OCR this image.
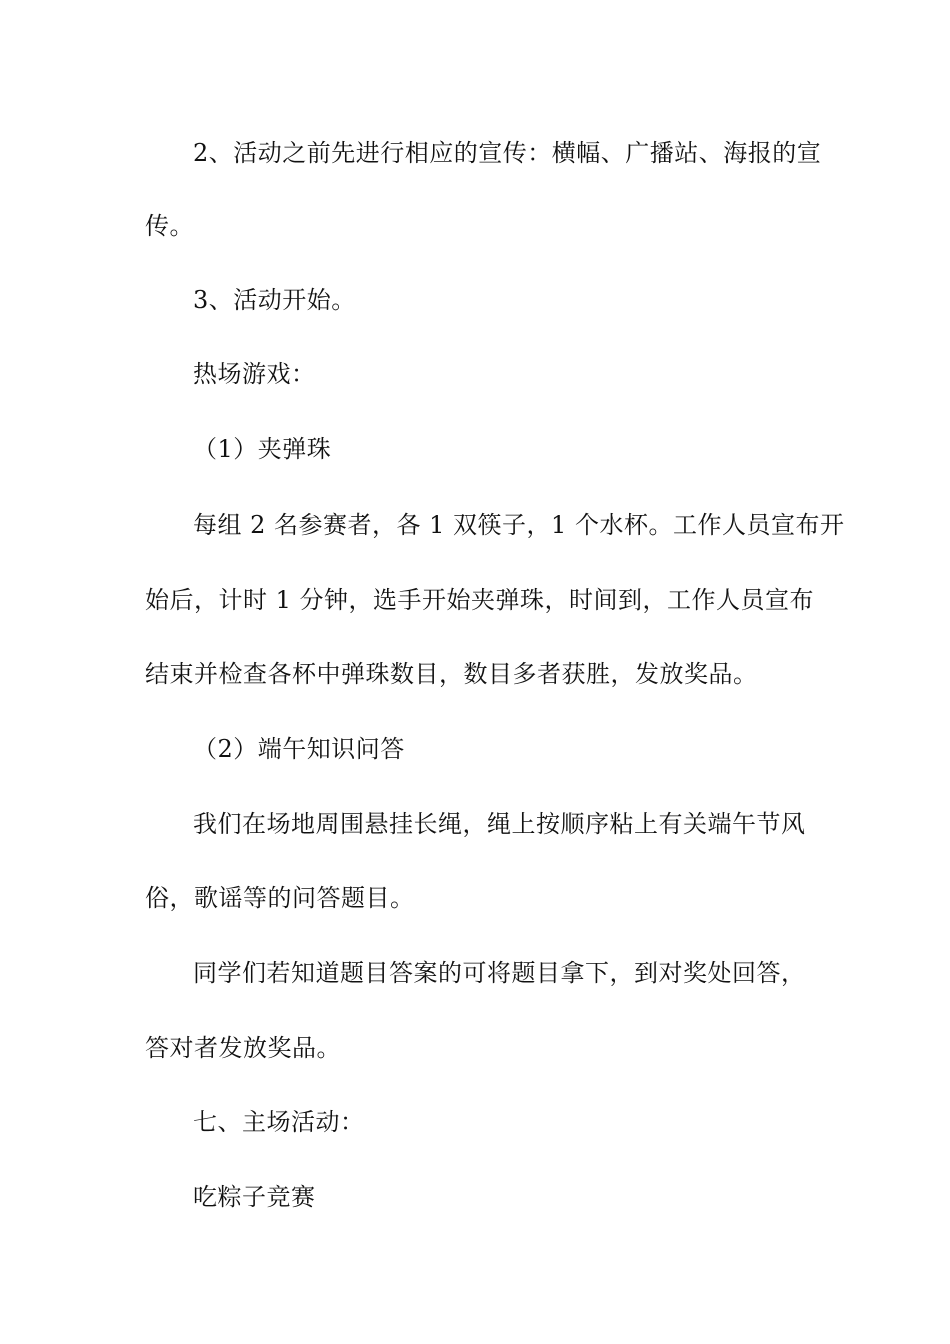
2、活动之前先进行相应的宣传：横幅、广播站、海报的宣
传。
3、活动开始。
热场游戏：
（1）夹弹珠
每组 2 名参赛者，各 1 双筷子，1 个水杯。工作人员宣布开
始后，计时 1 分钟，选手开始夹弹珠，时间到，工作人员宣布
结束并检查各杯中弹珠数目，数目多者获胜，发放奖品。
（2）端午知识问答
我们在场地周围悬挂长绳，绳上按顺序粘上有关端午节风
俗，歌谣等的问答题目。
同学们若知道题目答案的可将题目拿下，到对奖处回答，
答对者发放奖品。
七、主场活动：
吃粽子竞赛
